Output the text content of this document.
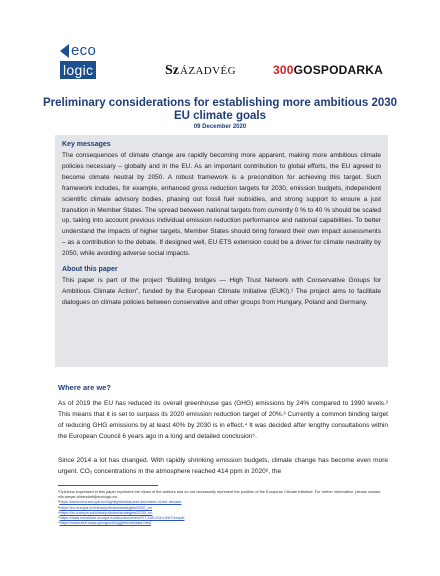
eco
logic	Sz ÁZADVÉG	300GOSPODARKA
Preliminary considerations for establishing more ambitious 2030 EU climate goals
09 December 2020
Key messages

The consequences of climate change are rapidly becoming more apparent, making more ambitious climate policies necessary – globally and in the EU. As an important contribution to global efforts, the EU agreed to become climate neutral by 2050. A robust framework is a precondition for achieving this target. Such framework includes, for example, enhanced gross reduction targets for 2030, emission budgets, independent scientific climate advisory bodies, phasing out fossil fuel subsidies, and strong support to ensure a just transition in Member States. The spread between national targets from currently 0 % to 40 % should be scaled up, taking into account previous individual emission reduction performance and national capabilities. To better understand the impacts of higher targets, Member States should bring forward their own impact assessments – as a contribution to the debate. If designed well, EU ETS extension could be a driver for climate neutrality by 2050, while avoiding adverse social impacts.

About this paper

This paper is part of the project “Building bridges — High Trust Network with Conservative Groups for Ambitious Climate Action”, funded by the European Climate Initiative (EUKI).¹ The project aims to facilitate dialogues on climate policies between conservative and other groups from Hungary, Poland and Germany.

Where are we?

As of 2019 the EU has reduced its overall greenhouse gas (GHG) emissions by 24% compared to 1990 levels.² This means that it is set to surpass its 2020 emission reduction target of 20%.³ Currently a common binding target of reducing GHG emissions by at least 40% by 2030 is in effect.⁴ It was decided after lengthy consultations within the European Council 6 years ago in a long and detailed conclusion⁵.

Since 2014 a lot has changed. With rapidly shrinking emission budgets, climate change has become even more urgent. CO₂ concentrations in the atmosphere reached 414 ppm in 2020⁶, the

¹Opinions expressed in this paper represent the views of the authors and do not necessarily represent the position of the European Climate Initiative. For further information, please contact nils.meyer-ohlendorf@ecologic.eu.
²https://www.eea.europa.eu/highlights/sharpest-decrease-of-the-decade
³https://ec.europa.eu/clima/policies/strategies/2020_en
⁴https://ec.europa.eu/clima/policies/strategies/2030_en
⁵https://data.consilium.europa.eu/doc/document/ST-169-2014-INIT/en/pdf
⁶https://www.esrl.noaa.gov/gmd/ccgg/trends/data.html
